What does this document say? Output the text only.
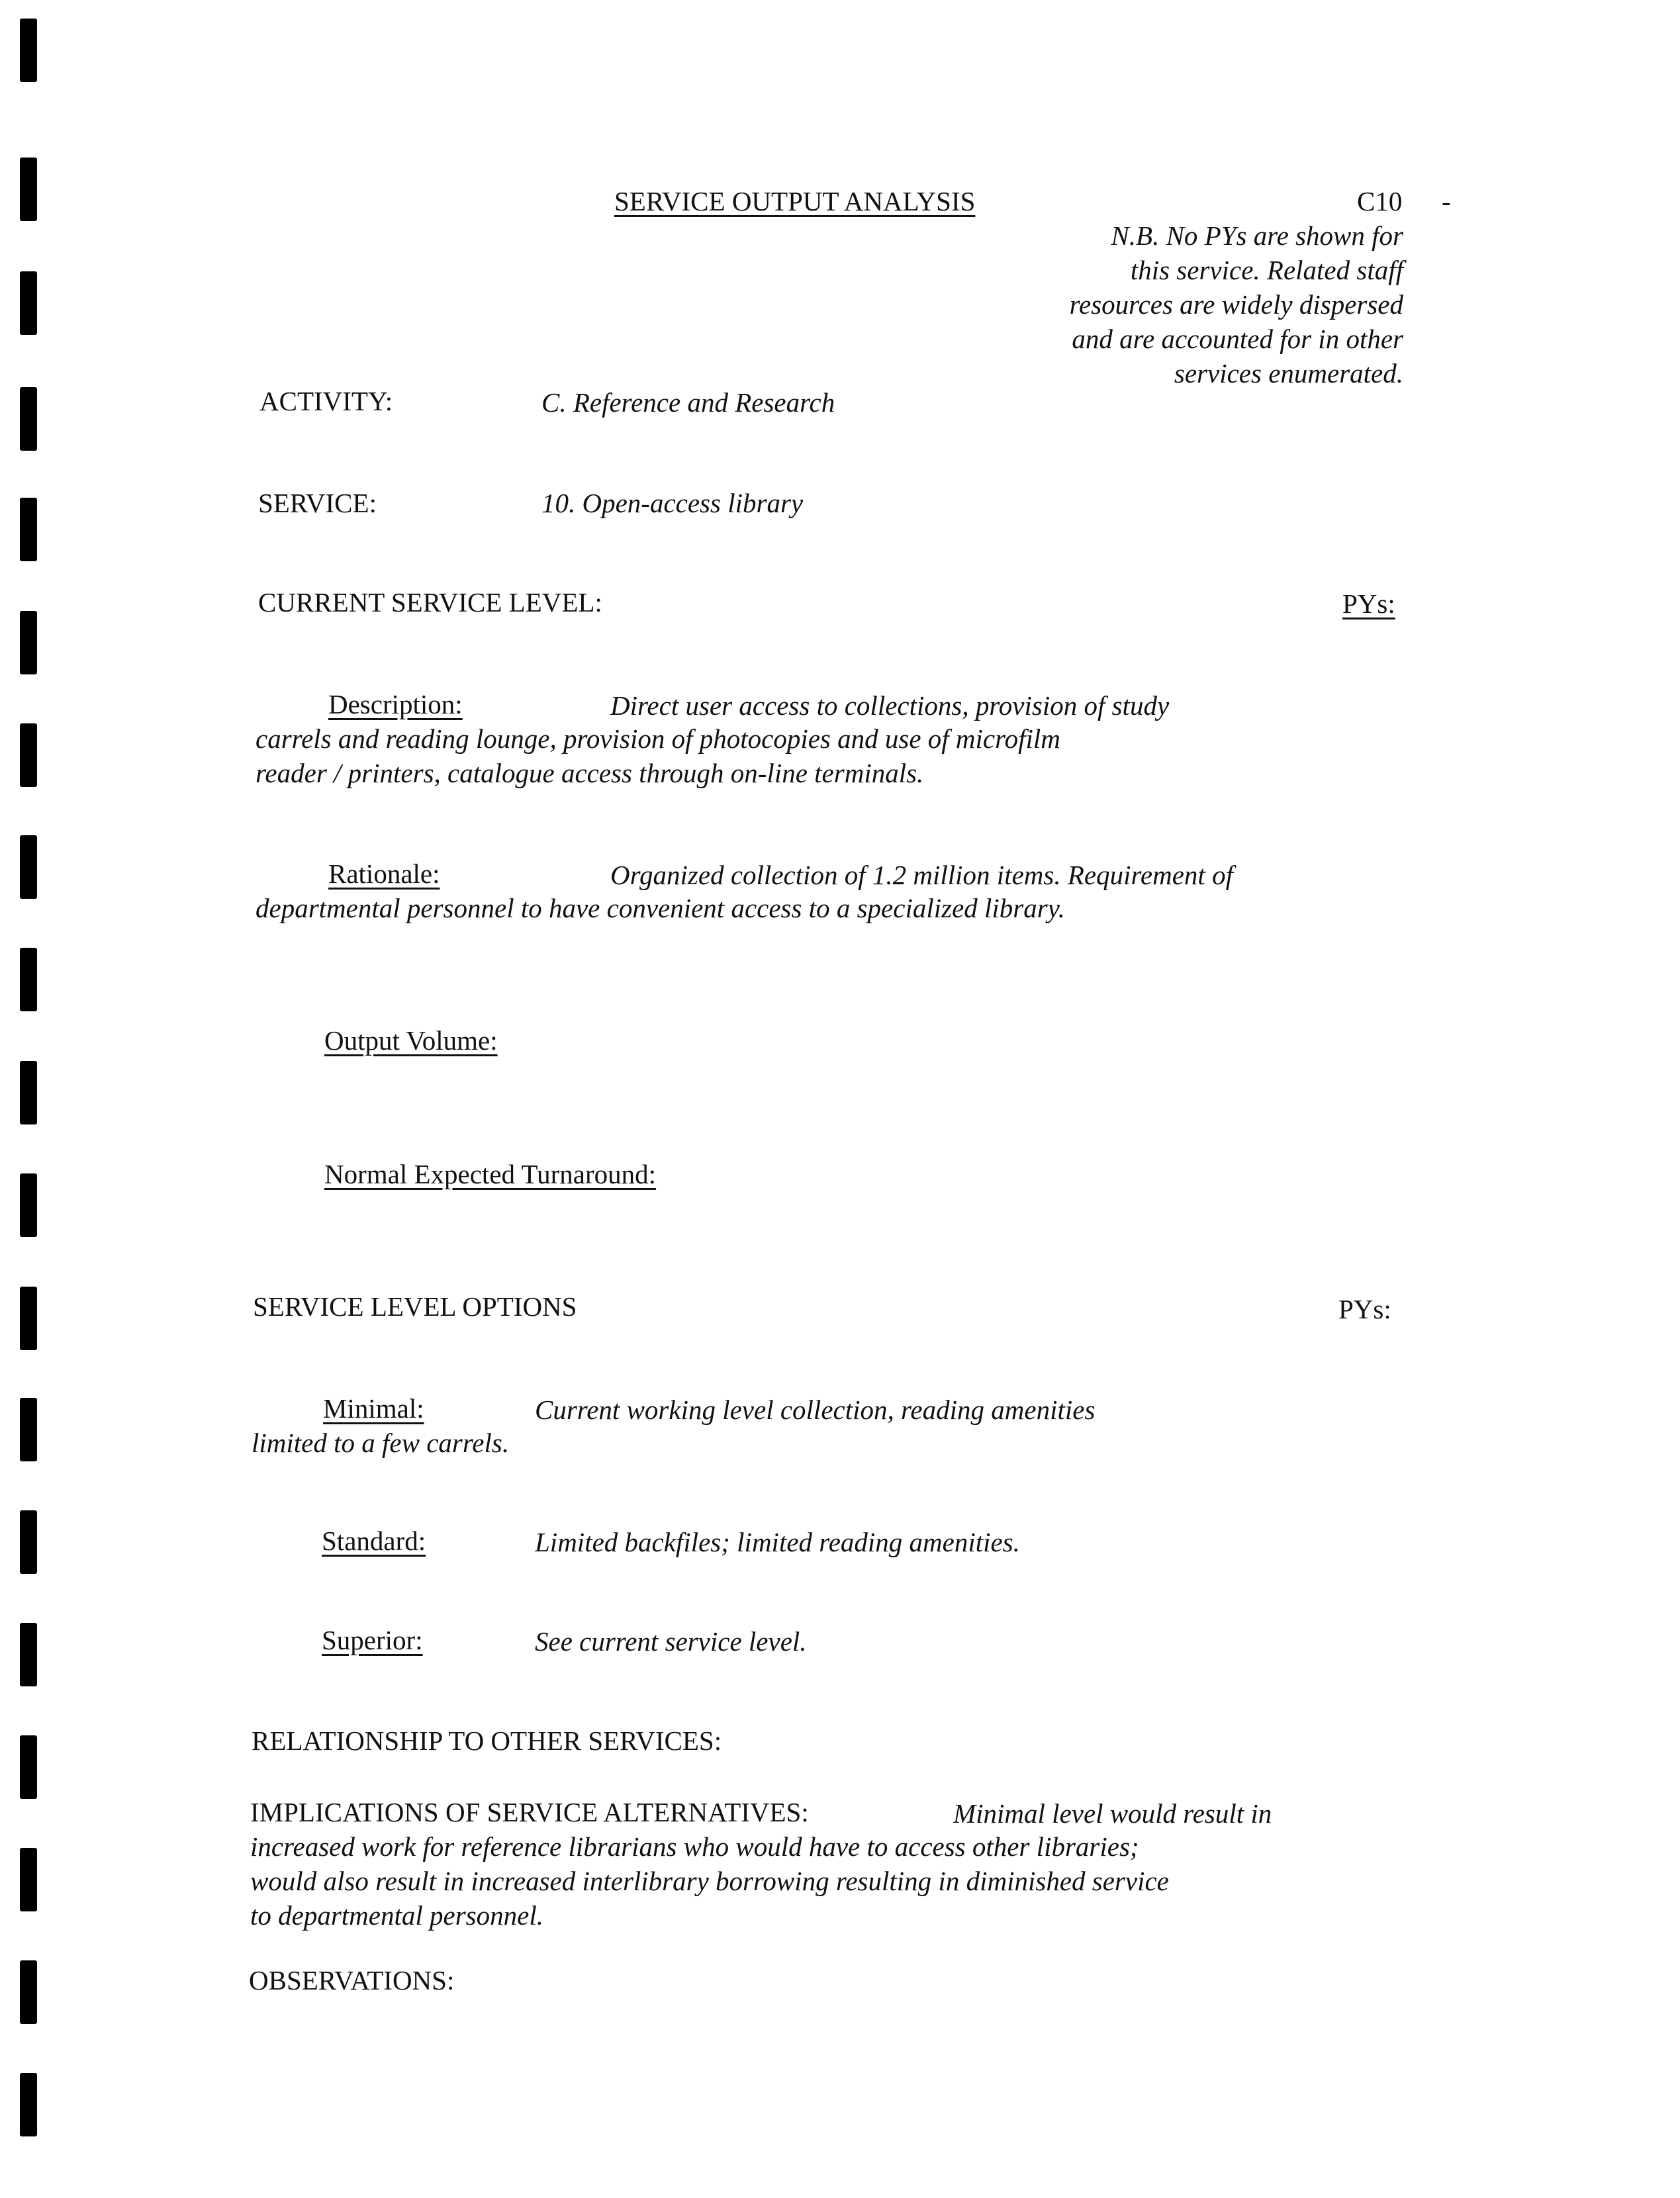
SERVICE OUTPUT ANALYSIS	C10 -
N.B. No PYs are shown for
this service. Related staff
resources are widely dispersed
and are accounted for in other
services enumerated.
ACTIVITY:	C. Reference and Research
SERVICE:	10. Open-access library
CURRENT SERVICE LEVEL:	PYs:
Description:	Direct user access to collections, provision of study
carrels and reading lounge, provision of photocopies and use of microfilm
reader / printers, catalogue access through on-line terminals.
Rationale:	Organized collection of 1.2 million items. Requirement of
departmental personnel to have convenient access to a specialized library.
Output Volume:
Normal Expected Turnaround:
SERVICE LEVEL OPTIONS	PYs:
Minimal:	Current working level collection, reading amenities
limited to a few carrels.
Standard:	Limited backfiles; limited reading amenities.
Superior:	See current service level.
RELATIONSHIP TO OTHER SERVICES:
IMPLICATIONS OF SERVICE ALTERNATIVES:	Minimal level would result in
increased work for reference librarians who would have to access other libraries;
would also result in increased interlibrary borrowing resulting in diminished service
to departmental personnel.
OBSERVATIONS:
